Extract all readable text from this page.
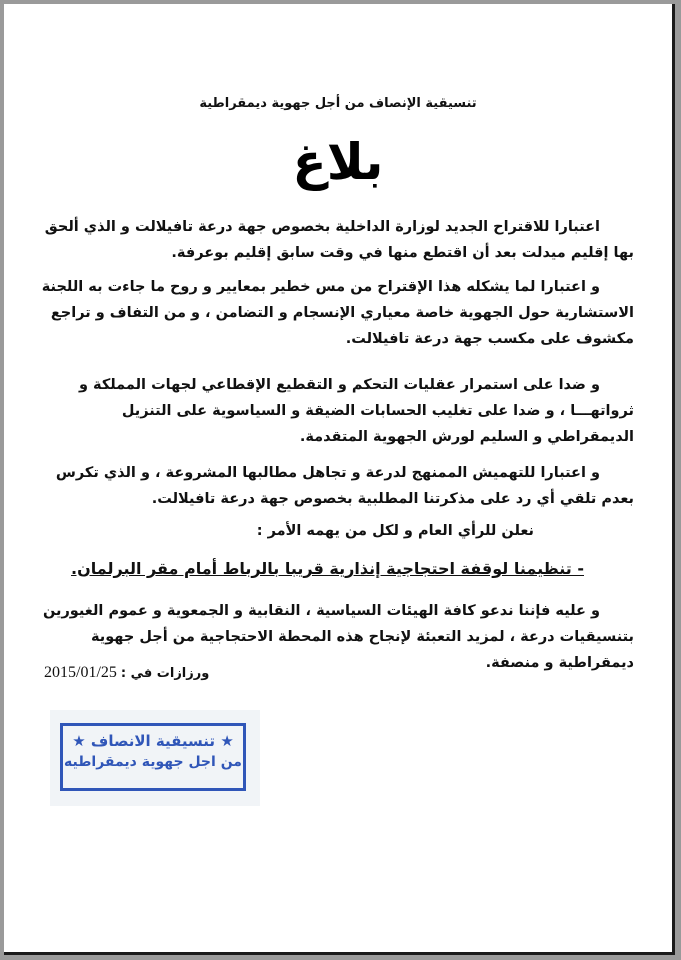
تنسيقية الإنصاف من أجل جهوية ديمقراطية
بلاغ

اعتبارا للاقتراح الجديد لوزارة الداخلية بخصوص جهة درعة تافيلالت و الذي ألحق بها إقليم ميدلت بعد أن اقتطع منها في وقت سابق إقليم بوعرفة.

و اعتبارا لما يشكله هذا الإقتراح من مس خطير بمعايير و روح ما جاءت به اللجنة الاستشارية حول الجهوية خاصة معياري الإنسجام و التضامن ، و من التفاف و تراجع مكشوف على مكسب جهة درعة تافيلالت.

و ضدا على استمرار عقليات التحكم و التقطيع الإقطاعي لجهات المملكة و ثرواتهـــا ، و ضدا على تغليب الحسابات الضيقة و السياسوية على التنزيل الديمقراطي و السليم لورش الجهوية المتقدمة.

و اعتبارا للتهميش الممنهج لدرعة و تجاهل مطالبها المشروعة ، و الذي تكرس بعدم تلقي أي رد على مذكرتنا المطلبية بخصوص جهة درعة تافيلالت.

نعلن للرأي العام و لكل من يهمه الأمر :

- تنظيمنا لوقفة احتجاجية إنذارية قريبا بالرباط أمام مقر البرلمان.

و عليه فإننا ندعو كافة الهيئات السياسية ، النقابية و الجمعوية و عموم الغيورين بتنسيقيات درعة ، لمزيد التعبئة لإنجاح هذه المحطة الاحتجاجية من أجل جهوية ديمقراطية و منصفة.

ورزازات في : 2015/01/25
★ تنسيقية الانصاف ★
من اجل جهوية ديمقراطيه
